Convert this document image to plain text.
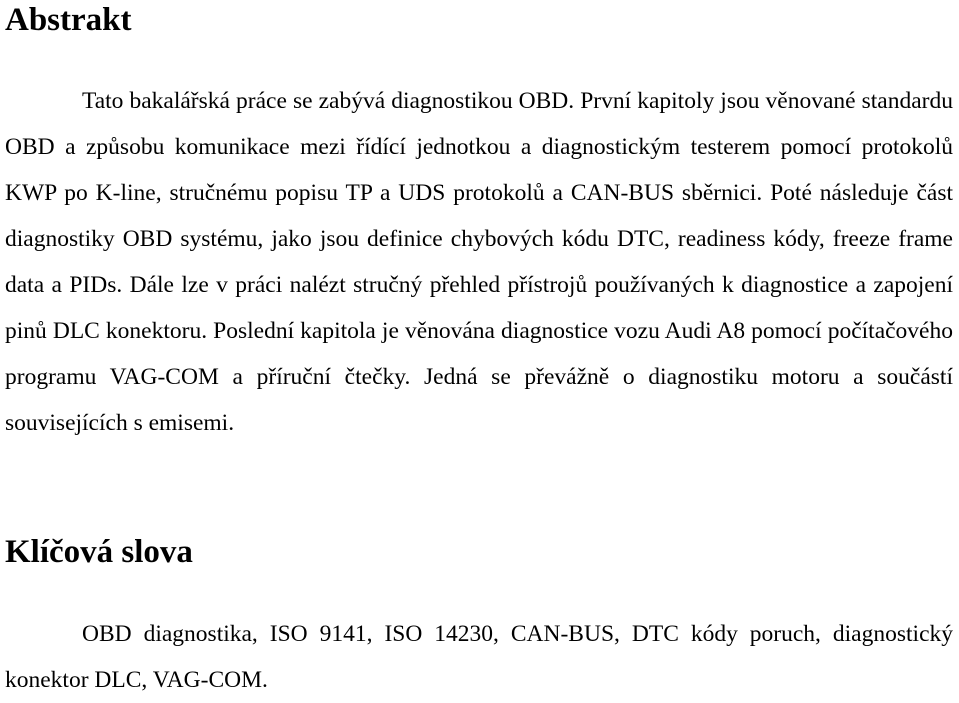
Abstrakt

Tato bakalářská práce se zabývá diagnostikou OBD. První kapitoly jsou věnované standardu OBD a způsobu komunikace mezi řídící jednotkou a diagnostickým testerem pomocí protokolů KWP po K-line, stručnému popisu TP a UDS protokolů a CAN-BUS sběrnici. Poté následuje část diagnostiky OBD systému, jako jsou definice chybových kódu DTC, readiness kódy, freeze frame data a PIDs. Dále lze v práci nalézt stručný přehled přístrojů používaných k diagnostice a zapojení pinů DLC konektoru. Poslední kapitola je věnována diagnostice vozu Audi A8 pomocí počítačového programu VAG-COM a příruční čtečky. Jedná se převážně o diagnostiku motoru a součástí souvisejících s emisemi.

Klíčová slova

OBD diagnostika, ISO 9141, ISO 14230, CAN-BUS, DTC kódy poruch, diagnostický konektor DLC, VAG-COM.
